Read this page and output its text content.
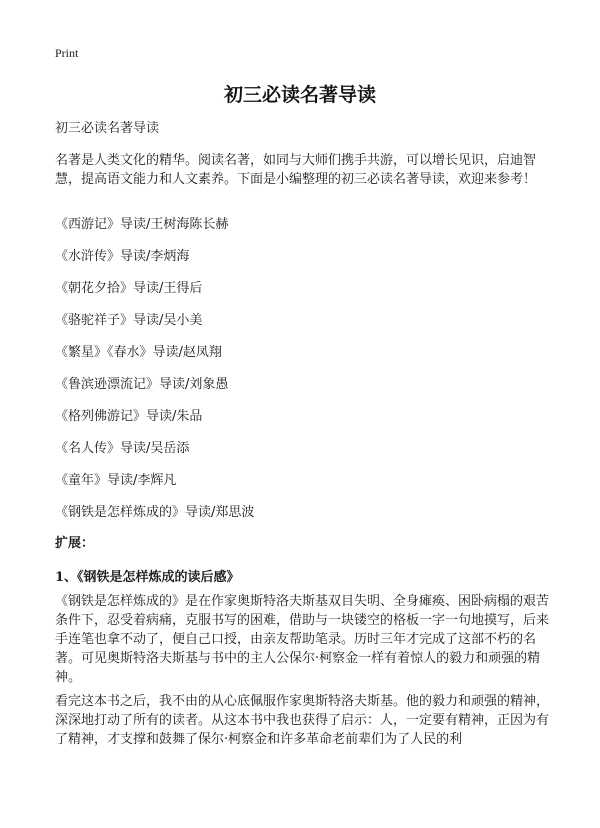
Print
初三必读名著导读

初三必读名著导读

名著是人类文化的精华。阅读名著，如同与大师们携手共游，可以增长见识，启迪智慧，提高语文能力和人文素养。下面是小编整理的初三必读名著导读，欢迎来参考！

《西游记》导读/王树海陈长赫
《水浒传》导读/李炳海
《朝花夕拾》导读/王得后
《骆驼祥子》导读/吴小美
《繁星》《春水》导读/赵凤翔
《鲁滨逊漂流记》导读/刘象愚
《格列佛游记》导读/朱品
《名人传》导读/吴岳添
《童年》导读/李辉凡
《钢铁是怎样炼成的》导读/郑思波

扩展：

1、《钢铁是怎样炼成的读后感》

《钢铁是怎样炼成的》是在作家奥斯特洛夫斯基双目失明、全身瘫痪、困卧病榻的艰苦条件下，忍受着病痛，克服书写的困难，借助与一块镂空的格板一字一句地摸写，后来手连笔也拿不动了，便自己口授，由亲友帮助笔录。历时三年才完成了这部不朽的名著。可见奥斯特洛夫斯基与书中的主人公保尔·柯察金一样有着惊人的毅力和顽强的精神。

看完这本书之后，我不由的从心底佩服作家奥斯特洛夫斯基。他的毅力和顽强的精神，深深地打动了所有的读者。从这本书中我也获得了启示：人，一定要有精神，正因为有了精神，才支撑和鼓舞了保尔·柯察金和许多革命老前辈们为了人民的利
